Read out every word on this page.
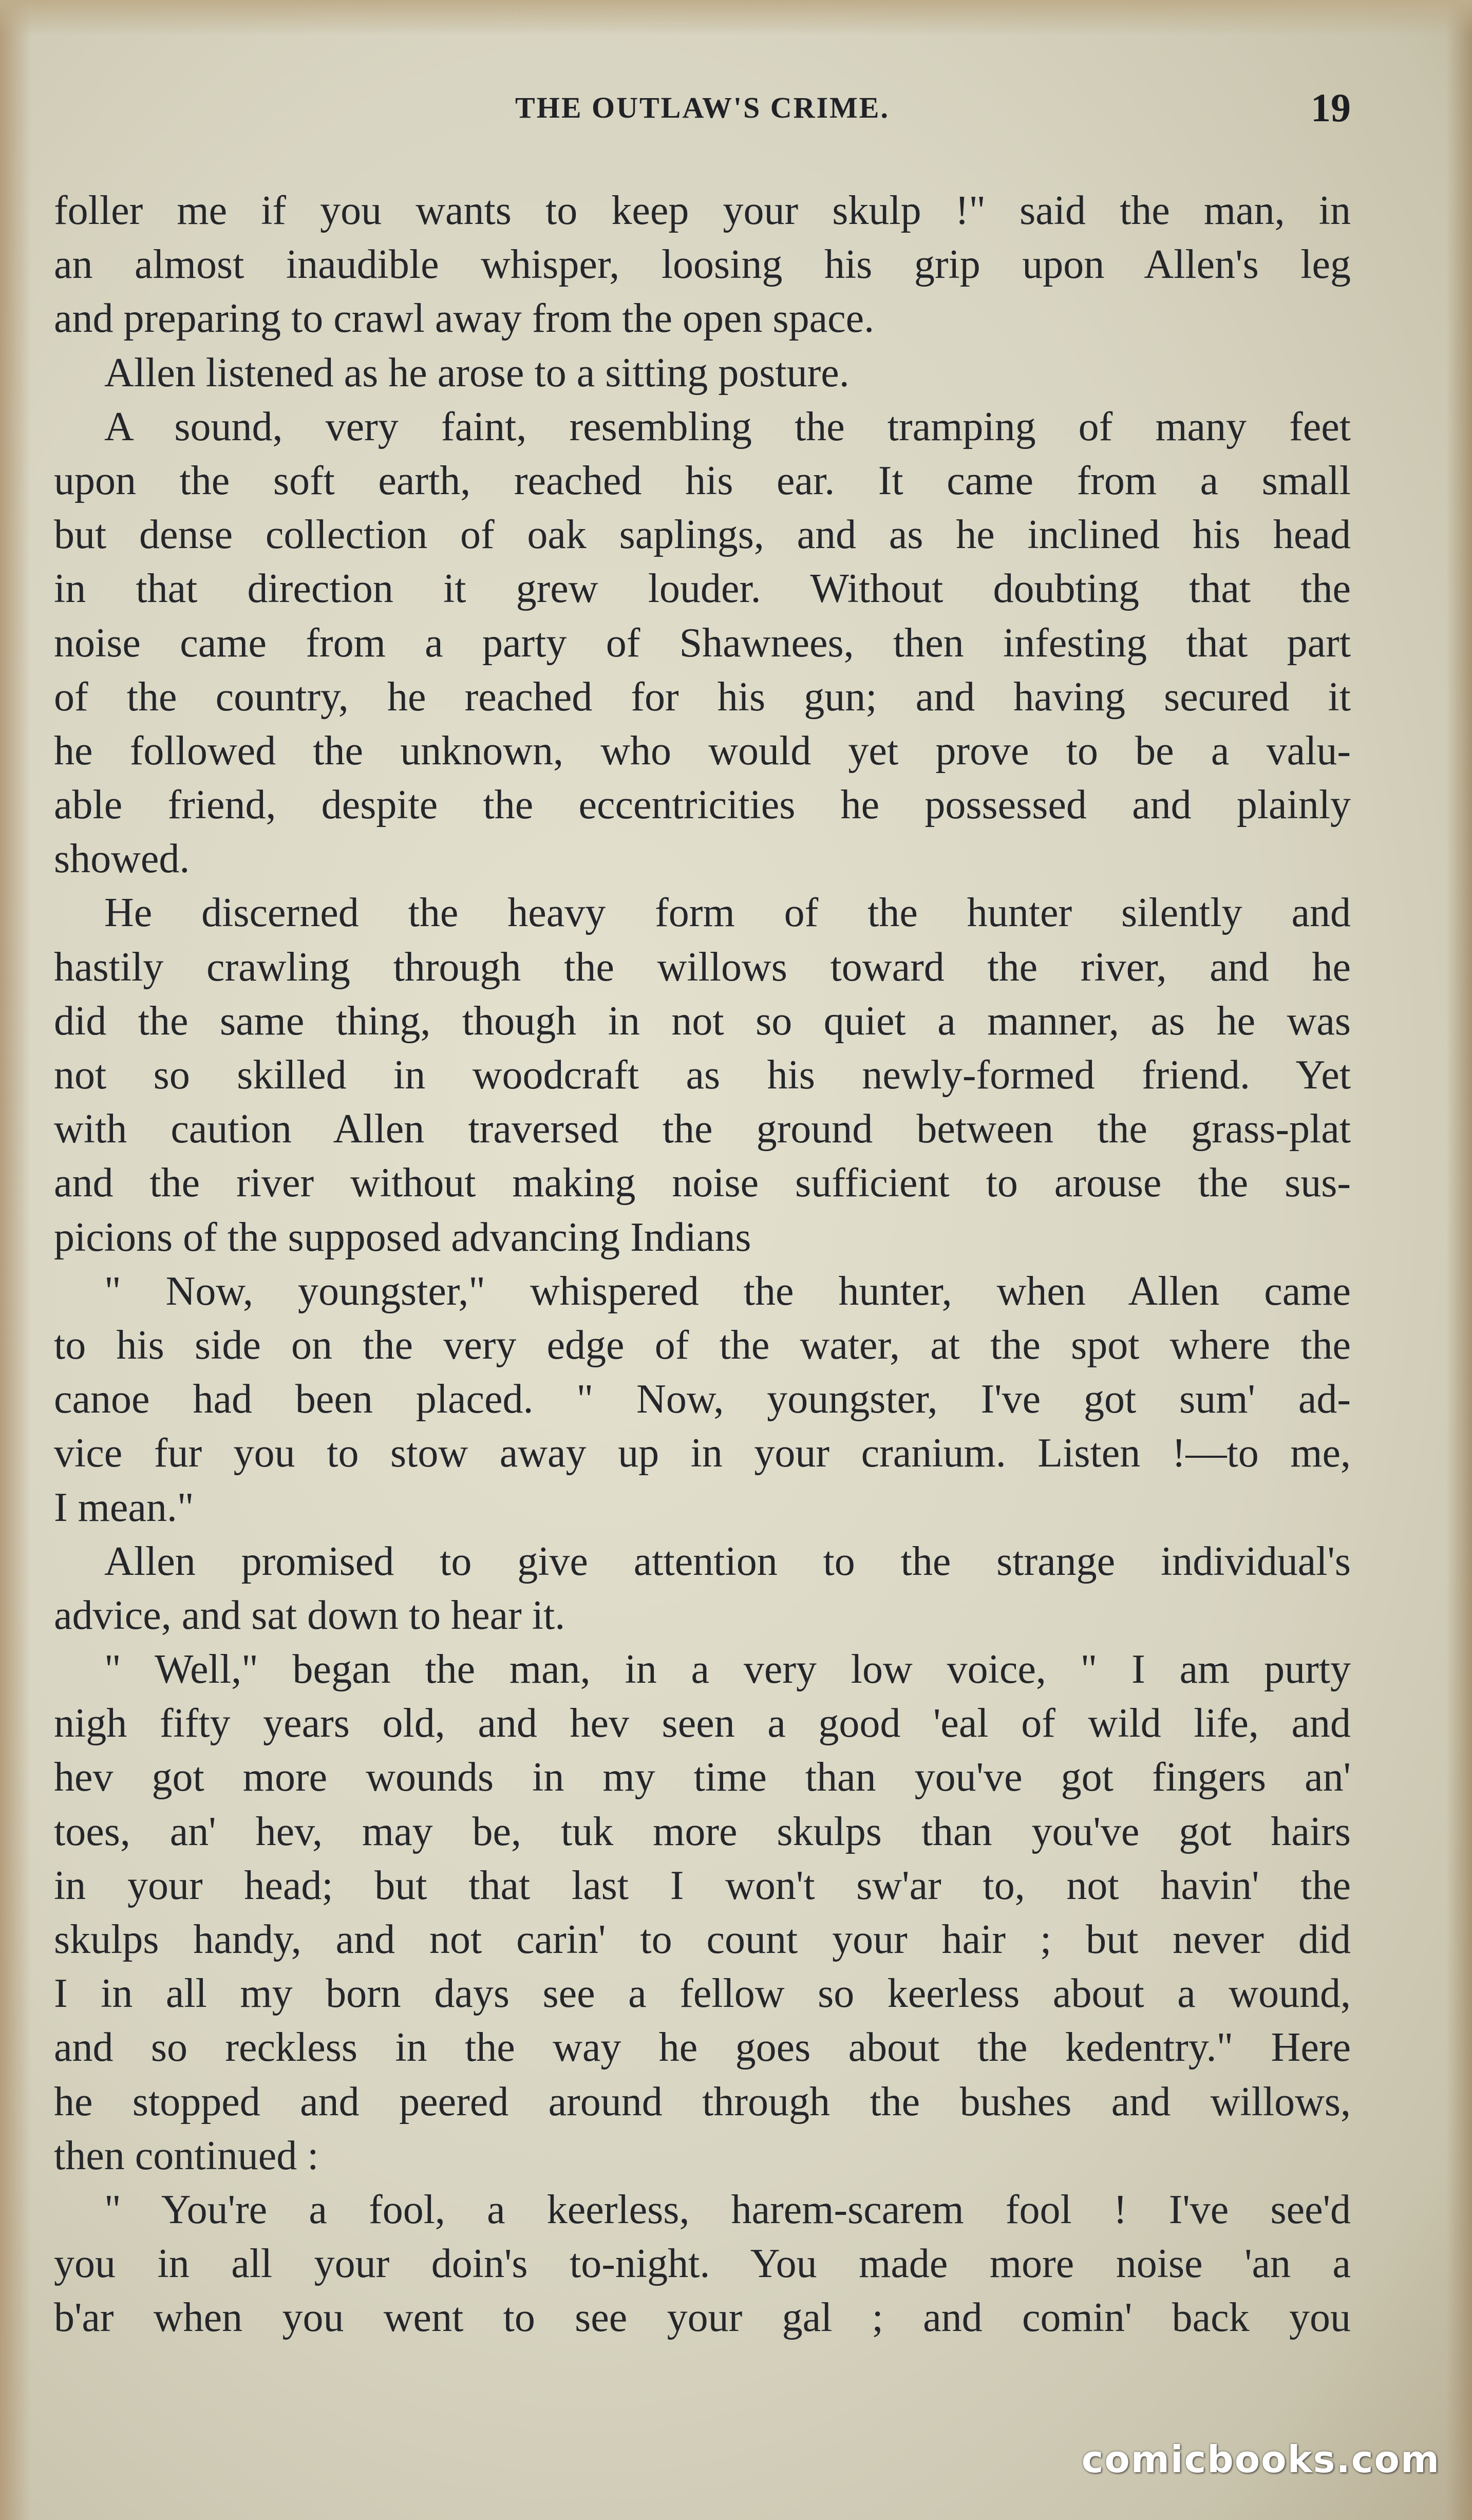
THE OUTLAW'S CRIME.	19
foller me if you wants to keep your skulp !" said the man, in
an almost inaudible whisper, loosing his grip upon Allen's leg
and preparing to crawl away from the open space.
Allen listened as he arose to a sitting posture.
A sound, very faint, resembling the tramping of many feet
upon the soft earth, reached his ear. It came from a small
but dense collection of oak saplings, and as he inclined his head
in that direction it grew louder. Without doubting that the
noise came from a party of Shawnees, then infesting that part
of the country, he reached for his gun; and having secured it
he followed the unknown, who would yet prove to be a valu-
able friend, despite the eccentricities he possessed and plainly
showed.
He discerned the heavy form of the hunter silently and
hastily crawling through the willows toward the river, and he
did the same thing, though in not so quiet a manner, as he was
not so skilled in woodcraft as his newly-formed friend. Yet
with caution Allen traversed the ground between the grass-plat
and the river without making noise sufficient to arouse the sus-
picions of the supposed advancing Indians
" Now, youngster," whispered the hunter, when Allen came
to his side on the very edge of the water, at the spot where the
canoe had been placed. " Now, youngster, I've got sum' ad-
vice fur you to stow away up in your cranium. Listen !—to me,
I mean."
Allen promised to give attention to the strange individual's
advice, and sat down to hear it.
" Well," began the man, in a very low voice, " I am purty
nigh fifty years old, and hev seen a good 'eal of wild life, and
hev got more wounds in my time than you've got fingers an'
toes, an' hev, may be, tuk more skulps than you've got hairs
in your head; but that last I won't sw'ar to, not havin' the
skulps handy, and not carin' to count your hair ; but never did
I in all my born days see a fellow so keerless about a wound,
and so reckless in the way he goes about the kedentry." Here
he stopped and peered around through the bushes and willows,
then continued :
" You're a fool, a keerless, harem-scarem fool ! I've see'd
you in all your doin's to-night. You made more noise 'an a
b'ar when you went to see your gal ; and comin' back you
comicbooks.com
